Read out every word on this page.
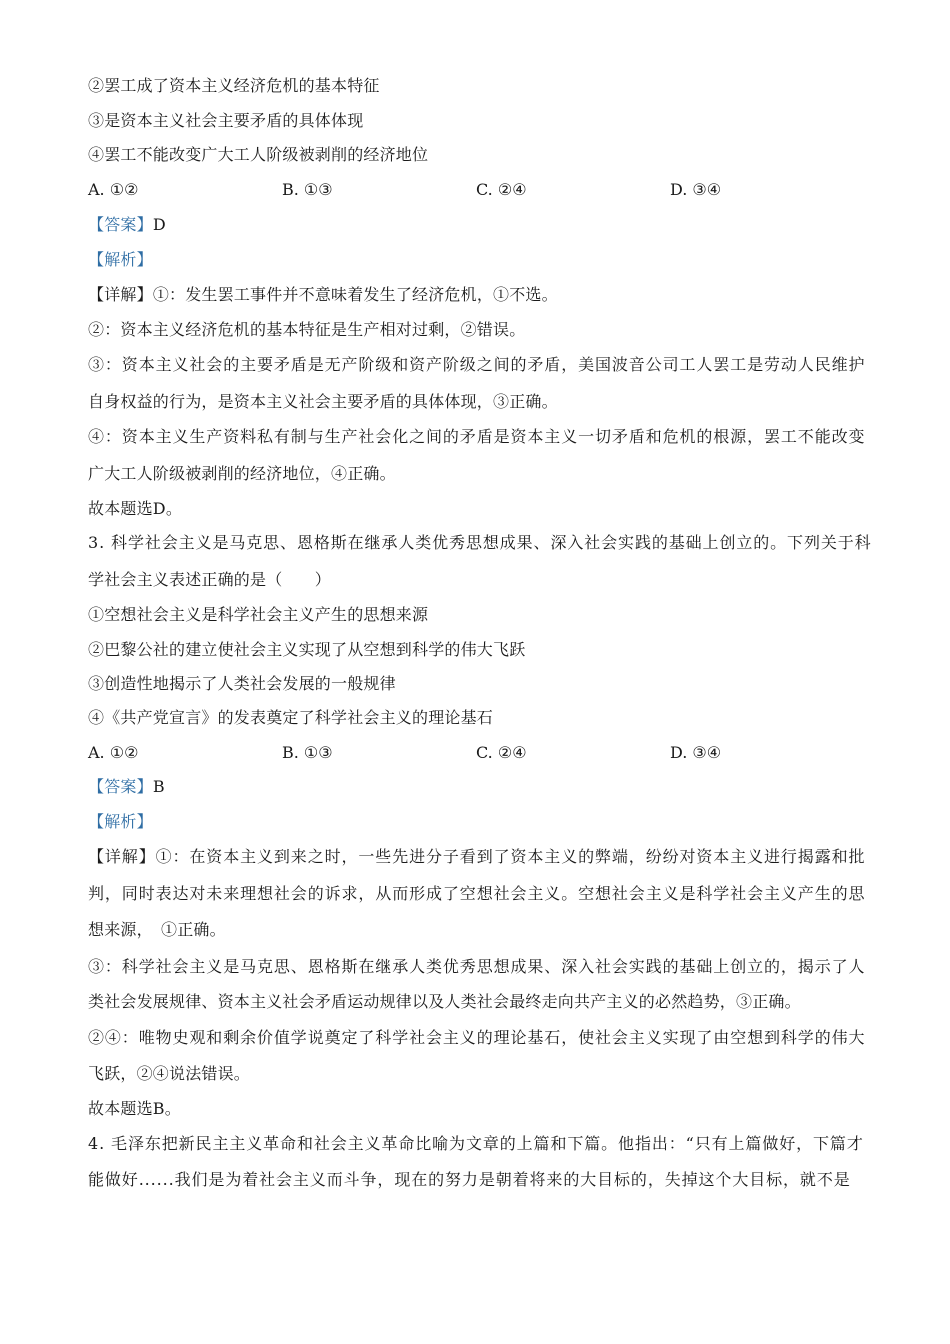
②罢工成了资本主义经济危机的基本特征
③是资本主义社会主要矛盾的具体体现
④罢工不能改变广大工人阶级被剥削的经济地位
A. ①②	B. ①③	C. ②④	D. ③④
【答案】D
【解析】
【详解】①：发生罢工事件并不意味着发生了经济危机，①不选。
②：资本主义经济危机的基本特征是生产相对过剩，②错误。
③：资本主义社会的主要矛盾是无产阶级和资产阶级之间的矛盾，美国波音公司工人罢工是劳动人民维护
自身权益的行为，是资本主义社会主要矛盾的具体体现，③正确。
④：资本主义生产资料私有制与生产社会化之间的矛盾是资本主义一切矛盾和危机的根源，罢工不能改变
广大工人阶级被剥削的经济地位，④正确。
故本题选D。
3. 科学社会主义是马克思、恩格斯在继承人类优秀思想成果、深入社会实践的基础上创立的。下列关于科
学社会主义表述正确的是（　　）
①空想社会主义是科学社会主义产生的思想来源
②巴黎公社的建立使社会主义实现了从空想到科学的伟大飞跃
③创造性地揭示了人类社会发展的一般规律
④《共产党宣言》的发表奠定了科学社会主义的理论基石
A. ①②	B. ①③	C. ②④	D. ③④
【答案】B
【解析】
【详解】①：在资本主义到来之时，一些先进分子看到了资本主义的弊端，纷纷对资本主义进行揭露和批
判，同时表达对未来理想社会的诉求，从而形成了空想社会主义。空想社会主义是科学社会主义产生的思
想来源，　①正确。
③：科学社会主义是马克思、恩格斯在继承人类优秀思想成果、深入社会实践的基础上创立的，揭示了人
类社会发展规律、资本主义社会矛盾运动规律以及人类社会最终走向共产主义的必然趋势，③正确。
②④：唯物史观和剩余价值学说奠定了科学社会主义的理论基石，使社会主义实现了由空想到科学的伟大
飞跃，②④说法错误。
故本题选B。
4. 毛泽东把新民主主义革命和社会主义革命比喻为文章的上篇和下篇。他指出：“只有上篇做好，下篇才
能做好......我们是为着社会主义而斗争，现在的努力是朝着将来的大目标的，失掉这个大目标，就不是
